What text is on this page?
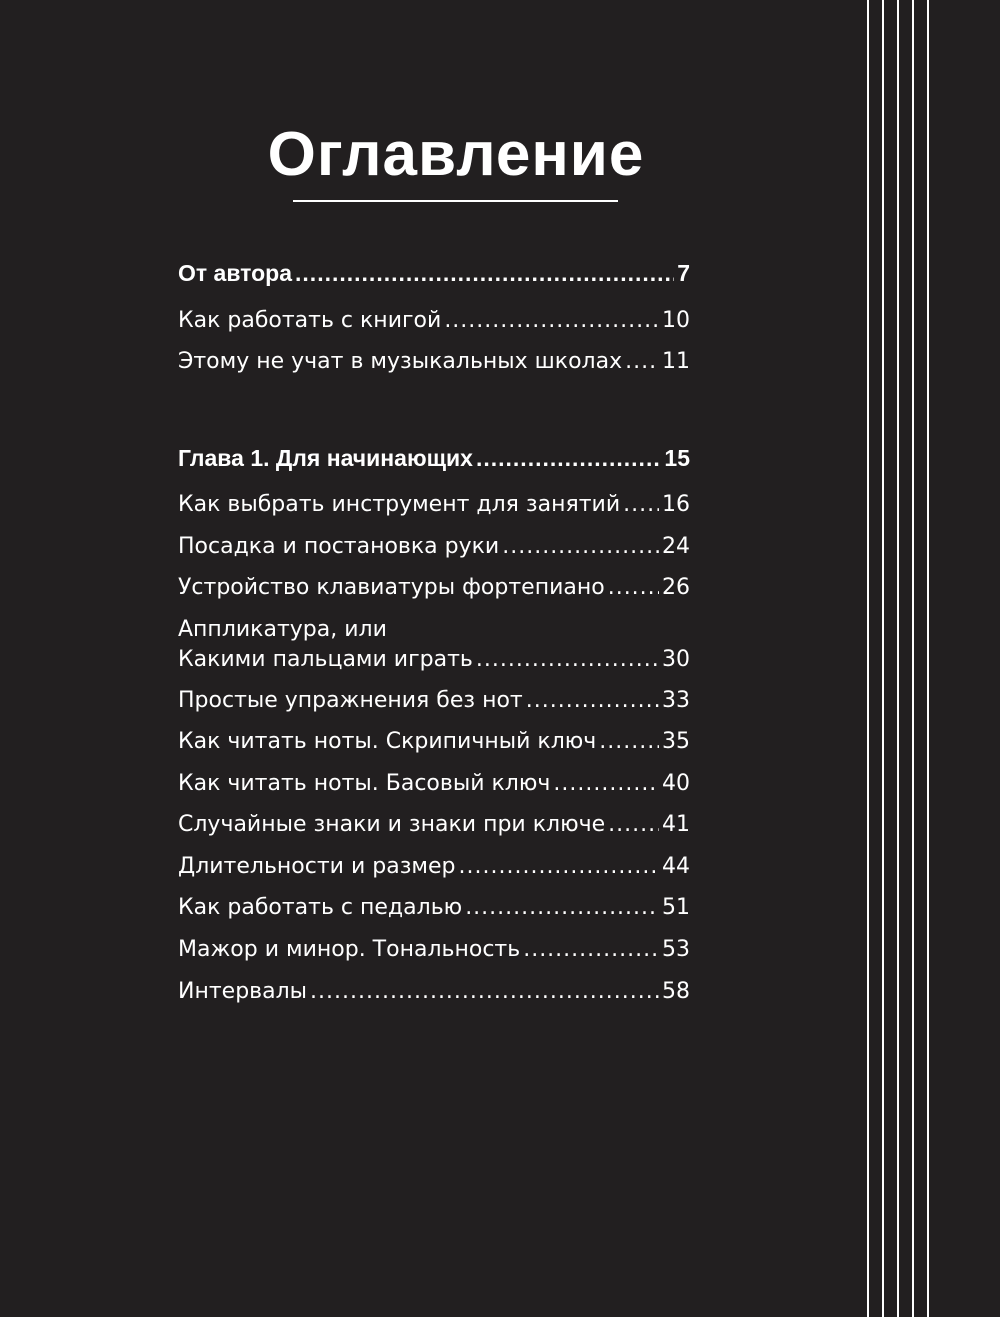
Оглавление
От автора .....	7
Как работать с книгой .....	10
Этому не учат в музыкальных школах ..... 11
Глава 1. Для начинающих .....	15
Как выбрать инструмент для занятий ..... 16
Посадка и постановка руки .....	24
Устройство клавиатуры фортепиано .....	26
Аппликатура, или
Какими пальцами играть .....	30
Простые упражнения без нот .....	33
Как читать ноты. Скрипичный ключ .....	35
Как читать ноты. Басовый ключ .....	40
Случайные знаки и знаки при ключе .....	41
Длительности и размер .....	44
Как работать с педалью .....	51
Мажор и минор. Тональность .....	53
Интервалы .....	58
